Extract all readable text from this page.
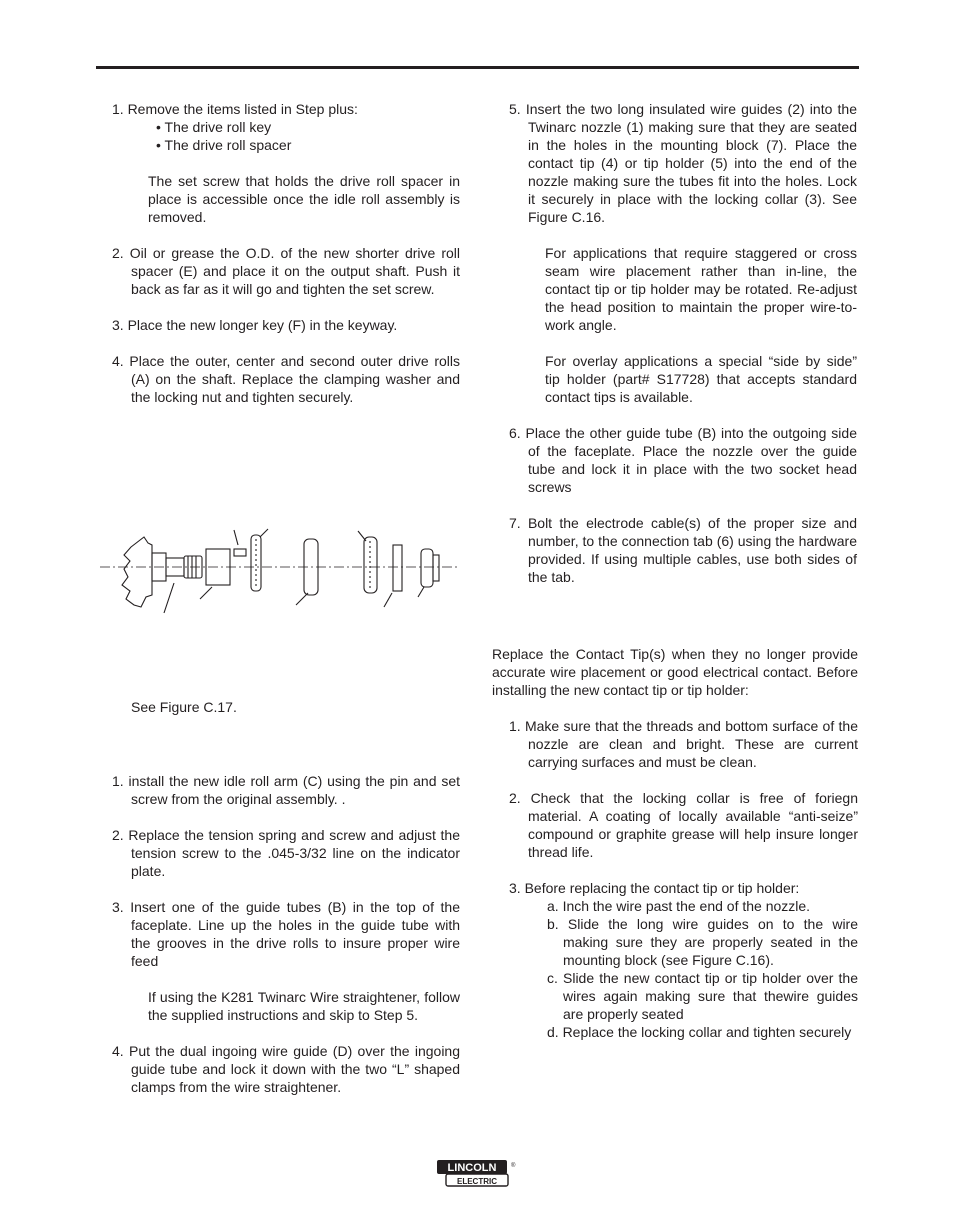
1. Remove the items listed in Step plus:
• The drive roll key
• The drive roll spacer
The set screw that holds the drive roll spacer in place is accessible once the idle roll assembly is removed.
2. Oil or grease the O.D. of the new shorter drive roll spacer (E) and place it on the output shaft. Push it back as far as it will go and tighten the set screw.
3. Place the new longer key (F) in the keyway.
4. Place the outer, center and second outer drive rolls (A) on the shaft. Replace the clamping washer and the locking nut and tighten securely.
See Figure C.17.
1. install the new idle roll arm (C) using the pin and set screw from the original assembly. .
2. Replace the tension spring and screw and adjust the tension screw to the .045-3/32 line on the indicator plate.
3. Insert one of the guide tubes (B) in the top of the faceplate. Line up the holes in the guide tube with the grooves in the drive rolls to insure proper wire feed
If using the K281 Twinarc Wire straightener, follow the supplied instructions and skip to Step 5.
4. Put the dual ingoing wire guide (D) over the ingoing guide tube and lock it down with the two “L” shaped clamps from the wire straightener.
5. Insert the two long insulated wire guides (2) into the Twinarc nozzle (1) making sure that they are seated in the holes in the mounting block (7). Place the contact tip (4) or tip holder (5) into the end of the nozzle making sure the tubes fit into the holes. Lock it securely in place with the locking collar (3). See Figure C.16.
For applications that require staggered or cross seam wire placement rather than in-line, the contact tip or tip holder may be rotated. Re-adjust the head position to maintain the proper wire-to-work angle.
For overlay applications a special “side by side” tip holder (part# S17728) that accepts standard contact tips is available.
6. Place the other guide tube (B) into the outgoing side of the faceplate. Place the nozzle over the guide tube and lock it in place with the two socket head screws
7. Bolt the electrode cable(s) of the proper size and number, to the connection tab (6) using the hardware provided. If using multiple cables, use both sides of the tab.
Replace the Contact Tip(s) when they no longer provide accurate wire placement or good electrical contact. Before installing the new contact tip or tip holder:
1. Make sure that the threads and bottom surface of the nozzle are clean and bright. These are current carrying surfaces and must be clean.
2. Check that the locking collar is free of foriegn material. A coating of locally available “anti-seize” compound or graphite grease will help insure longer thread life.
3. Before replacing the contact tip or tip holder:
a. Inch the wire past the end of the nozzle.
b. Slide the long wire guides on to the wire making sure they are properly seated in the mounting block (see Figure C.16).
c. Slide the new contact tip or tip holder over the wires again making sure that thewire guides are properly seated
d. Replace the locking collar and tighten securely
LINCOLN
ELECTRIC
®
